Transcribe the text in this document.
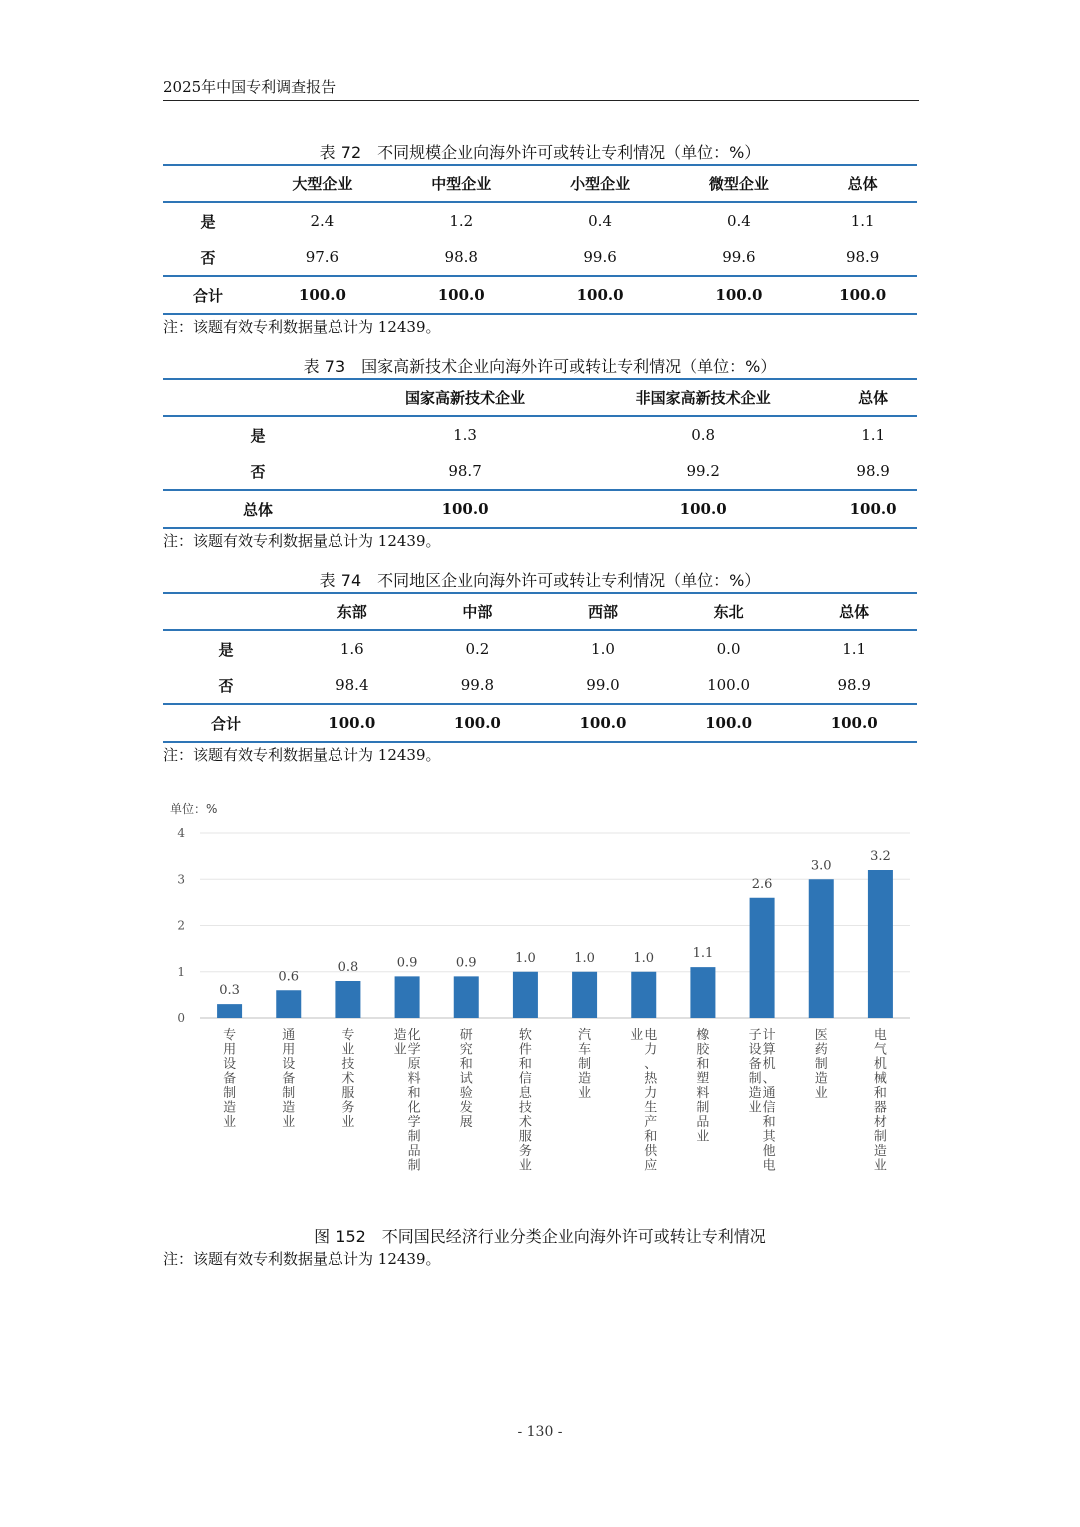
2025年中国专利调查报告
表 72　不同规模企业向海外许可或转让专利情况（单位：%）
	大型企业	中型企业	小型企业	微型企业	总体
是	2.4	1.2	0.4	0.4	1.1
否	97.6	98.8	99.6	99.6	98.9
合计	100.0	100.0	100.0	100.0	100.0
注：该题有效专利数据量总计为 12439。
表 73　国家高新技术企业向海外许可或转让专利情况（单位：%）
	国家高新技术企业	非国家高新技术企业	总体
是	1.3	0.8	1.1
否	98.7	99.2	98.9
总体	100.0	100.0	100.0
注：该题有效专利数据量总计为 12439。
表 74　不同地区企业向海外许可或转让专利情况（单位：%）
	东部	中部	西部	东北	总体
是	1.6	0.2	1.0	0.0	1.1
否	98.4	99.8	99.0	100.0	98.9
合计	100.0	100.0	100.0	100.0	100.0
注：该题有效专利数据量总计为 12439。
单位：%
0
1
2
3
4
0.3
专用设备制造业
0.6
通用设备制造业
0.8
专业技术服务业
0.9
化学原料和化学制品制造业
0.9
研究和试验发展
1.0
软件和信息技术服务业
1.0
汽车制造业
1.0
电力、热力生产和供应业
1.1
橡胶和塑料制品业
2.6
计算机、通信和其他电子设备制造业
3.0
医药制造业
3.2
电气机械和器材制造业
图 152　不同国民经济行业分类企业向海外许可或转让专利情况
注：该题有效专利数据量总计为 12439。
- 130 -
